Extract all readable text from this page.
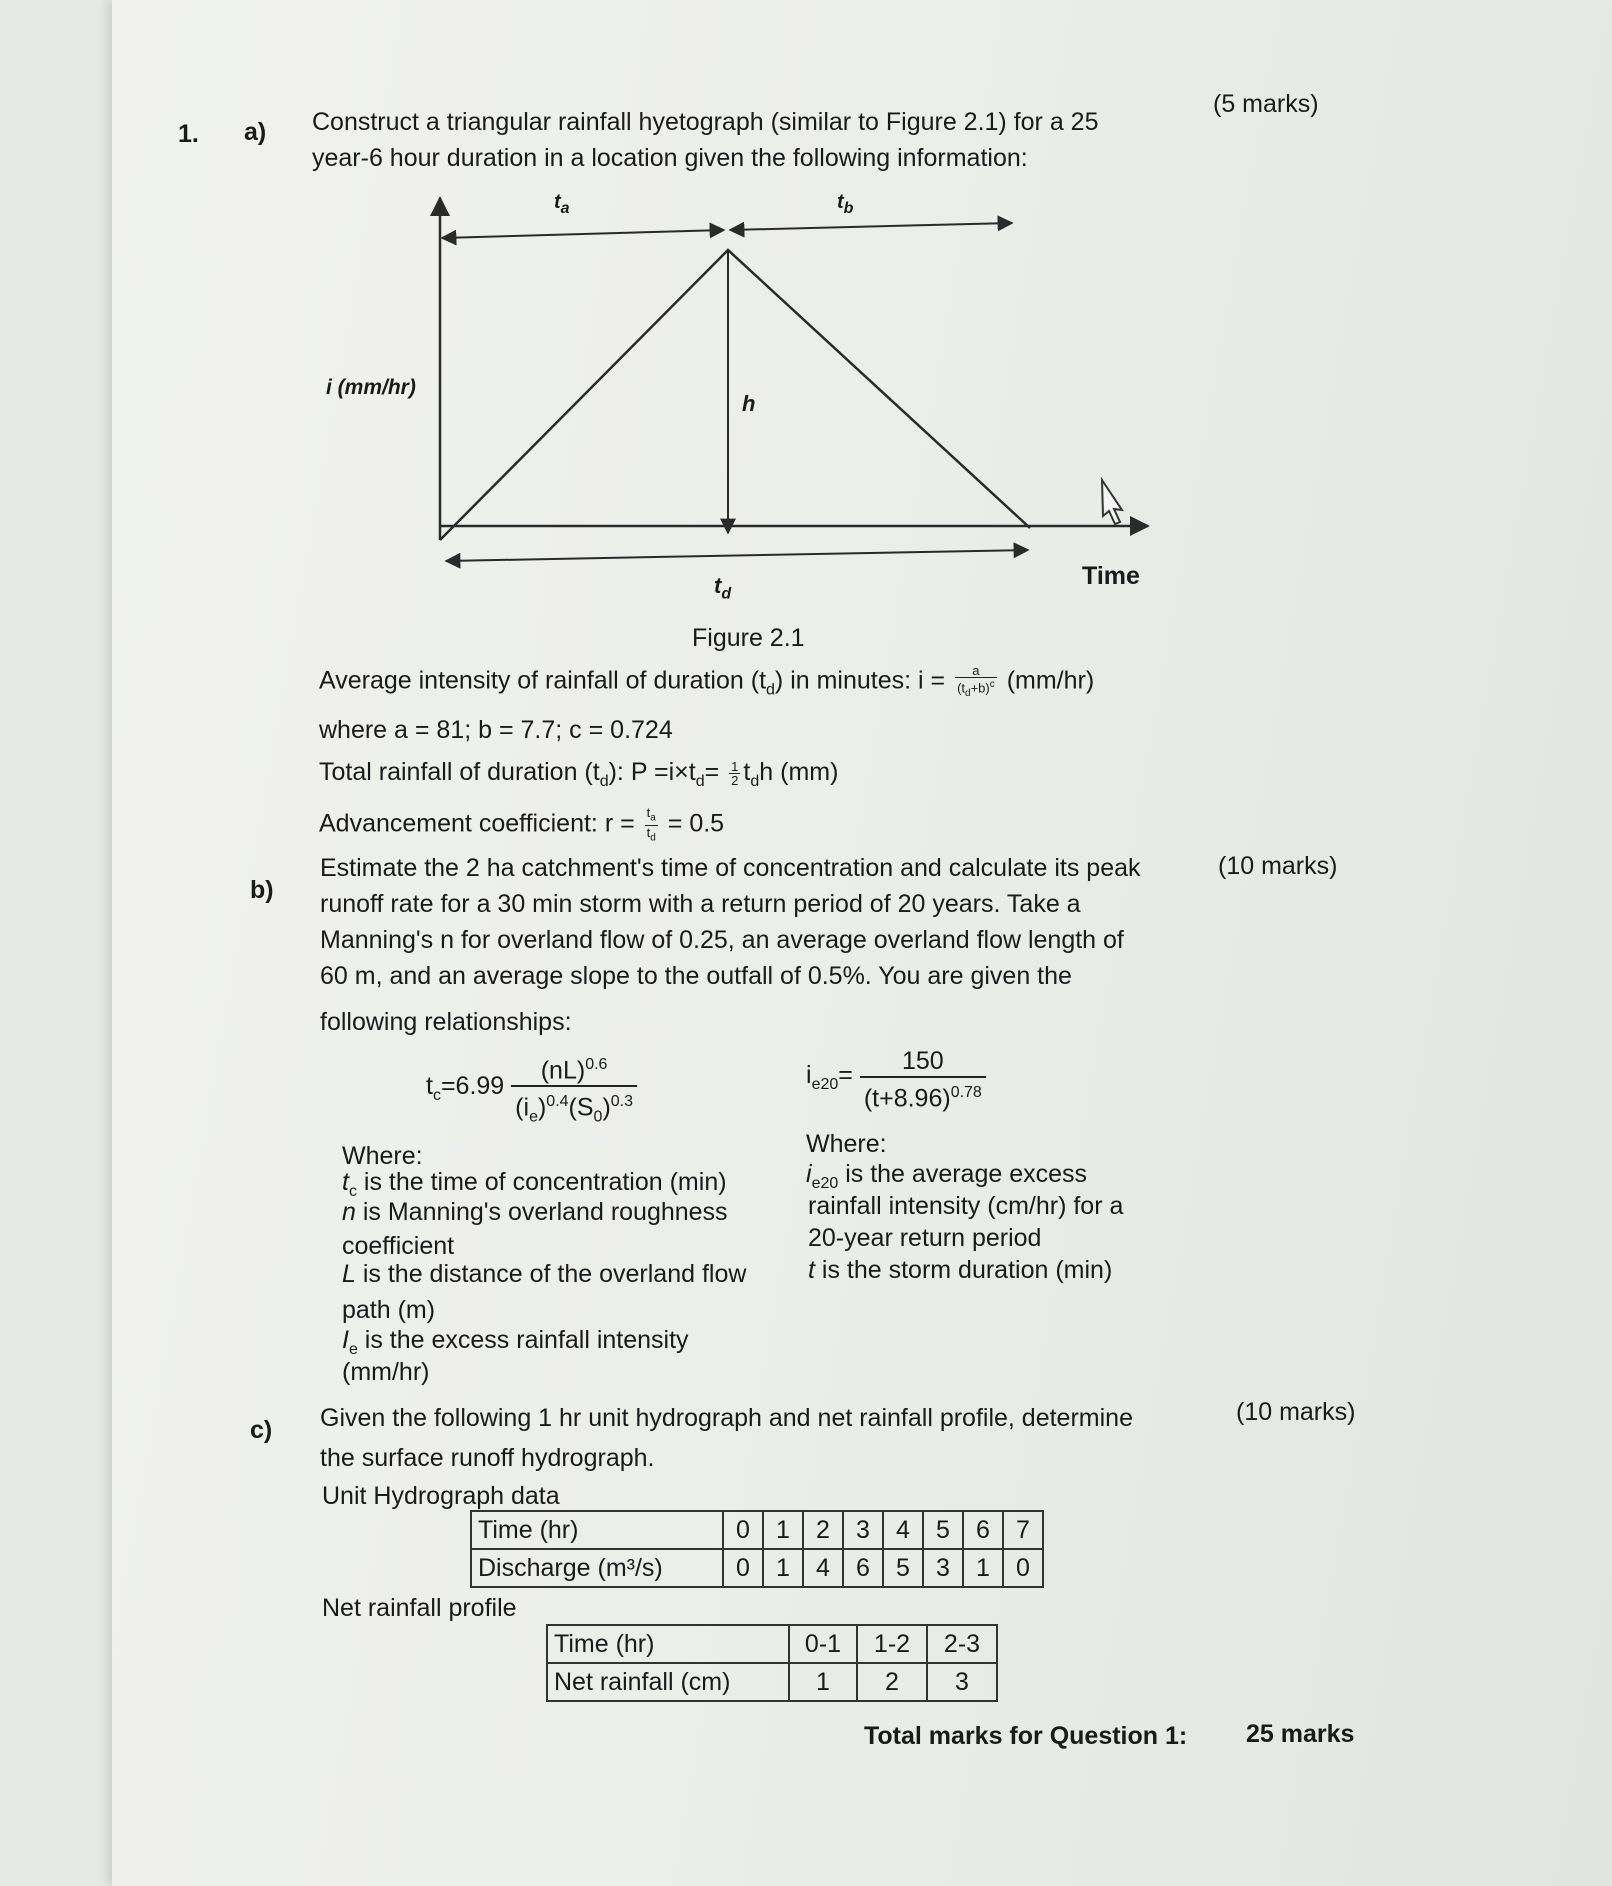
1. a) Construct a triangular rainfall hyetograph (similar to Figure 2.1) for a 25
year-6 hour duration in a location given the following information:
(5 marks)
$t_a$	$t_b$
i (mm/hr)
h
$t_d$
Time
Figure 2.1
Average intensity of rainfall of duration $(t_d)$ in minutes: $i = \frac{a}{(t_d+b)^c} (mm/hr)$
where a = 81; b = 7.7; c = 0.724
Total rainfall of duration $(t_d)$: $P =i\times t_d= \frac{1}{2} t_dh$ (mm)
Advancement coefficient: $r = \frac{t_a}{t_d} = 0.5$
b)
(10 marks)
Estimate the 2 ha catchment's time of concentration and calculate its peak
runoff rate for a 30 min storm with a return period of 20 years. Take a
Manning's n for overland flow of 0.25, an average overland flow length of
60 m, and an average slope to the outfall of 0.5%. You are given the
following relationships:
$t_c=6.99 \frac{(nL)^{0.6}}{(i_e)^{0.4}(S_0)^{0.3}}$	$i_{e20}= \frac{150}{(t+8.96)^{0.78}}$
Where:
$t_c$ is the time of concentration (min)
n is Manning's overland roughness
coefficient
L is the distance of the overland flow
path (m)
$I_e$ is the excess rainfall intensity
(mm/hr)
Where:
$i_{e20}$ is the average excess
rainfall intensity (cm/hr) for a
20-year return period
t is the storm duration (min)
c)
(10 marks)
Given the following 1 hr unit hydrograph and net rainfall profile, determine
the surface runoff hydrograph.
Unit Hydrograph data
Time (hr)	0	1	2	3	4	5	6	7
Discharge (m³/s)	0	1	4	6	5	3	1	0
Net rainfall profile
Time (hr)	0-1	1-2	2-3
Net rainfall (cm)	1	2	3
Total marks for Question 1: 25 marks
